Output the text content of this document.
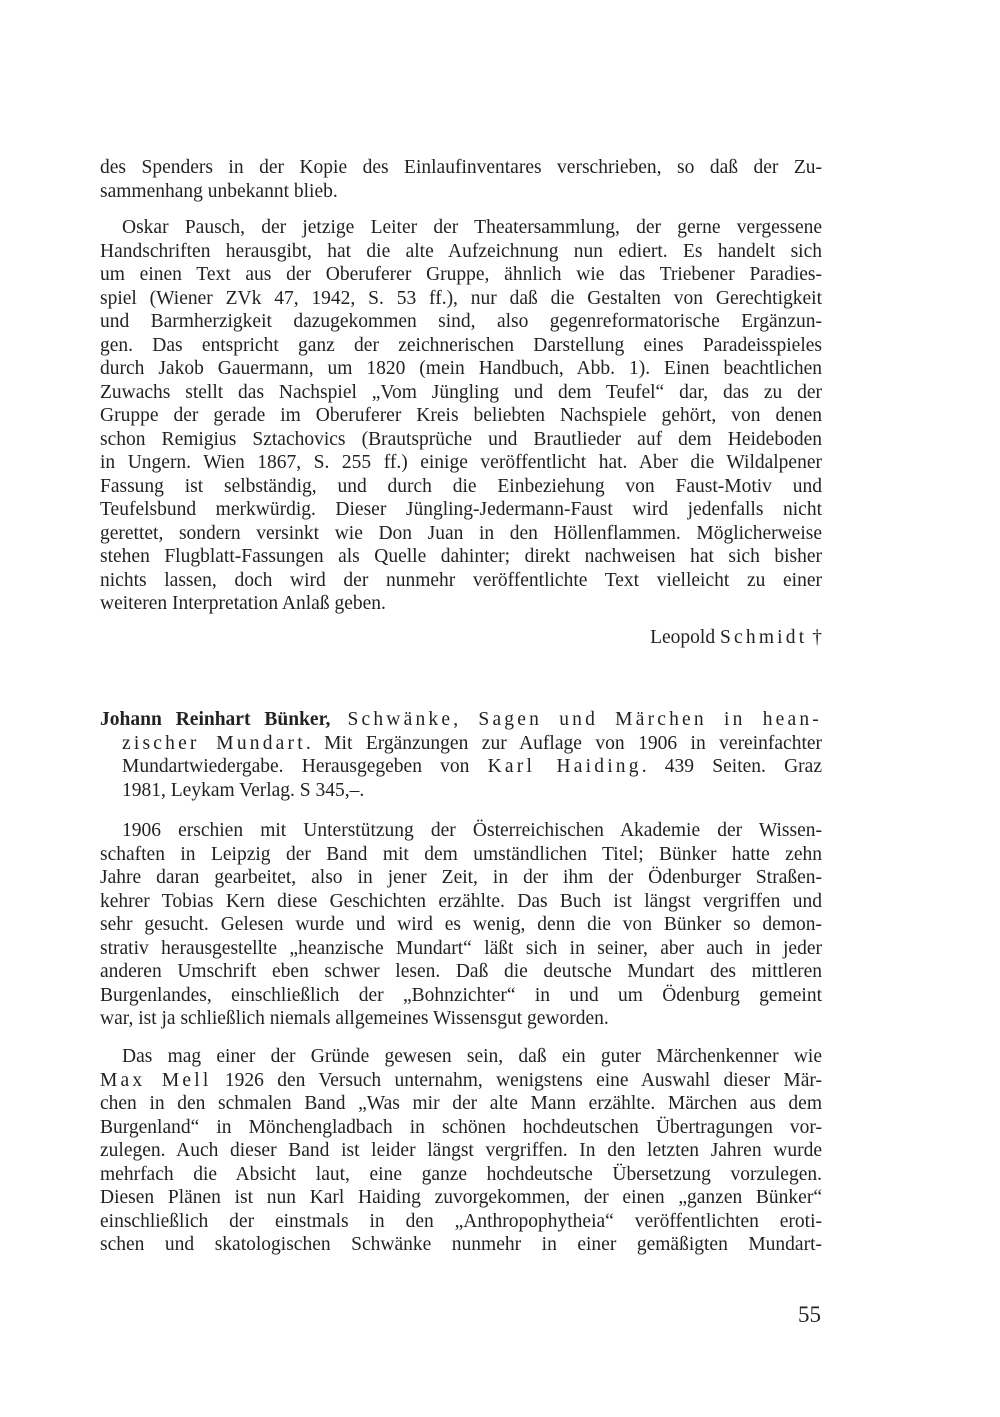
des Spenders in der Kopie des Einlaufinventares verschrieben, so daß der Zu-
sammenhang unbekannt blieb.
Oskar Pausch, der jetzige Leiter der Theatersammlung, der gerne vergessene
Handschriften herausgibt, hat die alte Aufzeichnung nun ediert. Es handelt sich
um einen Text aus der Oberuferer Gruppe, ähnlich wie das Triebener Paradies-
spiel (Wiener ZVk 47, 1942, S. 53 ff.), nur daß die Gestalten von Gerechtigkeit
und Barmherzigkeit dazugekommen sind, also gegenreformatorische Ergänzun-
gen. Das entspricht ganz der zeichnerischen Darstellung eines Paradeisspieles
durch Jakob Gauermann, um 1820 (mein Handbuch, Abb. 1). Einen beachtlichen
Zuwachs stellt das Nachspiel „Vom Jüngling und dem Teufel“ dar, das zu der
Gruppe der gerade im Oberuferer Kreis beliebten Nachspiele gehört, von denen
schon Remigius Sztachovics (Brautsprüche und Brautlieder auf dem Heideboden
in Ungern. Wien 1867, S. 255 ff.) einige veröffentlicht hat. Aber die Wildalpener
Fassung ist selbständig, und durch die Einbeziehung von Faust-Motiv und
Teufelsbund merkwürdig. Dieser Jüngling-Jedermann-Faust wird jedenfalls nicht
gerettet, sondern versinkt wie Don Juan in den Höllenflammen. Möglicherweise
stehen Flugblatt-Fassungen als Quelle dahinter; direkt nachweisen hat sich bisher
nichts lassen, doch wird der nunmehr veröffentlichte Text vielleicht zu einer
weiteren Interpretation Anlaß geben.
Johann Reinhart Bünker, Schwänke, Sagen und Märchen in hean-
zischer Mundart. Mit Ergänzungen zur Auflage von 1906 in vereinfachter
Mundartwiedergabe. Herausgegeben von Karl Haiding. 439 Seiten. Graz
1981, Leykam Verlag. S 345,–.
1906 erschien mit Unterstützung der Österreichischen Akademie der Wissen-
schaften in Leipzig der Band mit dem umständlichen Titel; Bünker hatte zehn
Jahre daran gearbeitet, also in jener Zeit, in der ihm der Ödenburger Straßen-
kehrer Tobias Kern diese Geschichten erzählte. Das Buch ist längst vergriffen und
sehr gesucht. Gelesen wurde und wird es wenig, denn die von Bünker so demon-
strativ herausgestellte „heanzische Mundart“ läßt sich in seiner, aber auch in jeder
anderen Umschrift eben schwer lesen. Daß die deutsche Mundart des mittleren
Burgenlandes, einschließlich der „Bohnzichter“ in und um Ödenburg gemeint
war, ist ja schließlich niemals allgemeines Wissensgut geworden.
Das mag einer der Gründe gewesen sein, daß ein guter Märchenkenner wie
Max Mell 1926 den Versuch unternahm, wenigstens eine Auswahl dieser Mär-
chen in den schmalen Band „Was mir der alte Mann erzählte. Märchen aus dem
Burgenland“ in Mönchengladbach in schönen hochdeutschen Übertragungen vor-
zulegen. Auch dieser Band ist leider längst vergriffen. In den letzten Jahren wurde
mehrfach die Absicht laut, eine ganze hochdeutsche Übersetzung vorzulegen.
Diesen Plänen ist nun Karl Haiding zuvorgekommen, der einen „ganzen Bünker“
einschließlich der einstmals in den „Anthropophytheia“ veröffentlichten eroti-
schen und skatologischen Schwänke nunmehr in einer gemäßigten Mundart-
Leopold Schmidt †
55
